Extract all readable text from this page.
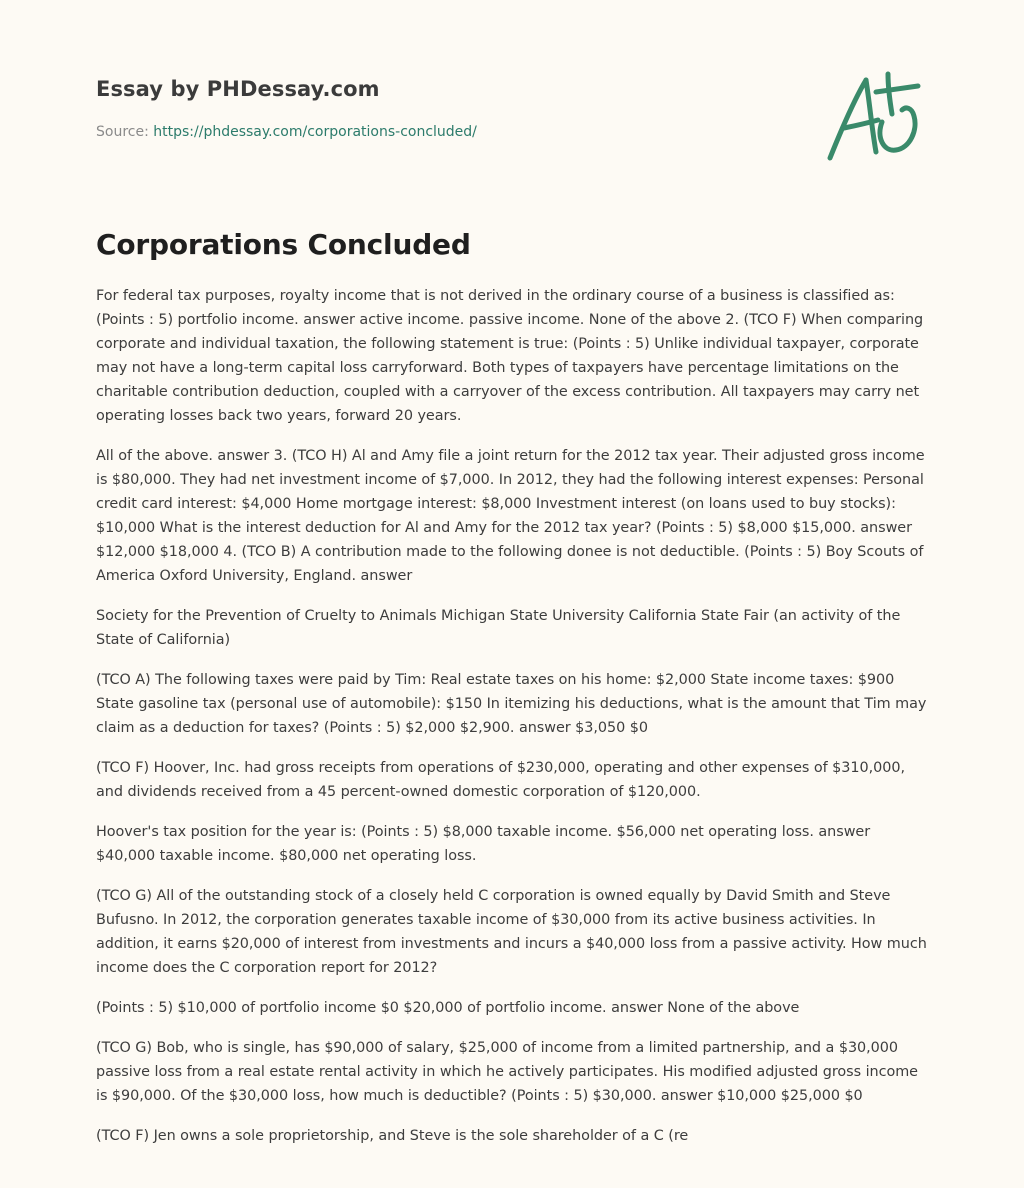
Essay by PHDessay.com
Source: https://phdessay.com/corporations-concluded/
Corporations Concluded

For federal tax purposes, royalty income that is not derived in the ordinary course of a business is classified as: (Points : 5) portfolio income. answer active income. passive income. None of the above 2. (TCO F) When comparing corporate and individual taxation, the following statement is true: (Points : 5) Unlike individual taxpayer, corporate may not have a long-term capital loss carryforward. Both types of taxpayers have percentage limitations on the charitable contribution deduction, coupled with a carryover of the excess contribution. All taxpayers may carry net operating losses back two years, forward 20 years.

All of the above. answer 3. (TCO H) Al and Amy file a joint return for the 2012 tax year. Their adjusted gross income is $80,000. They had net investment income of $7,000. In 2012, they had the following interest expenses: Personal credit card interest: $4,000 Home mortgage interest: $8,000 Investment interest (on loans used to buy stocks): $10,000 What is the interest deduction for Al and Amy for the 2012 tax year? (Points : 5) $8,000 $15,000. answer $12,000 $18,000 4. (TCO B) A contribution made to the following donee is not deductible. (Points : 5) Boy Scouts of America Oxford University, England. answer

Society for the Prevention of Cruelty to Animals Michigan State University California State Fair (an activity of the State of California)

(TCO A) The following taxes were paid by Tim: Real estate taxes on his home: $2,000 State income taxes: $900 State gasoline tax (personal use of automobile): $150 In itemizing his deductions, what is the amount that Tim may claim as a deduction for taxes? (Points : 5) $2,000 $2,900. answer $3,050 $0

(TCO F) Hoover, Inc. had gross receipts from operations of $230,000, operating and other expenses of $310,000, and dividends received from a 45 percent-owned domestic corporation of $120,000.

Hoover's tax position for the year is: (Points : 5) $8,000 taxable income. $56,000 net operating loss. answer $40,000 taxable income. $80,000 net operating loss.

(TCO G) All of the outstanding stock of a closely held C corporation is owned equally by David Smith and Steve Bufusno. In 2012, the corporation generates taxable income of $30,000 from its active business activities. In addition, it earns $20,000 of interest from investments and incurs a $40,000 loss from a passive activity. How much income does the C corporation report for 2012?

(Points : 5) $10,000 of portfolio income $0 $20,000 of portfolio income. answer None of the above

(TCO G) Bob, who is single, has $90,000 of salary, $25,000 of income from a limited partnership, and a $30,000 passive loss from a real estate rental activity in which he actively participates. His modified adjusted gross income is $90,000. Of the $30,000 loss, how much is deductible? (Points : 5) $30,000. answer $10,000 $25,000 $0

(TCO F) Jen owns a sole proprietorship, and Steve is the sole shareholder of a C (re
